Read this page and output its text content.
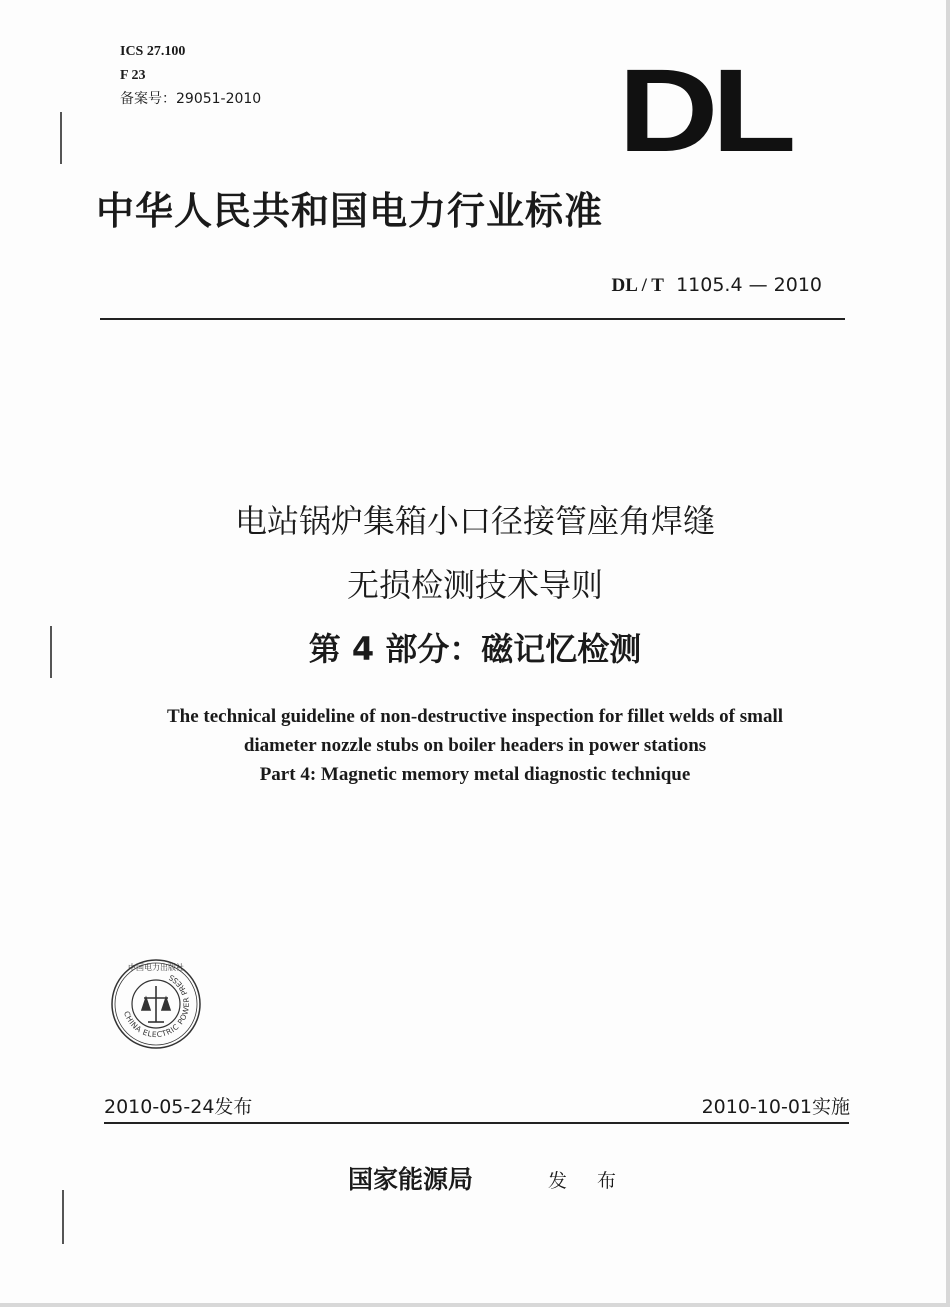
ICS 27.100
F 23
备案号：29051-2010	DL
中华人民共和国电力行业标准
DL / T 1105.4 — 2010
电站锅炉集箱小口径接管座角焊缝
无损检测技术导则
第 4 部分：磁记忆检测
The technical guideline of non-destructive inspection for fillet welds of small
diameter nozzle stubs on boiler headers in power stations
Part 4: Magnetic memory metal diagnostic technique
CHINA ELECTRIC POWER PRESS
中国电力出版社
2010-05-24发布	2010-10-01实施
国家能源局	发 布
